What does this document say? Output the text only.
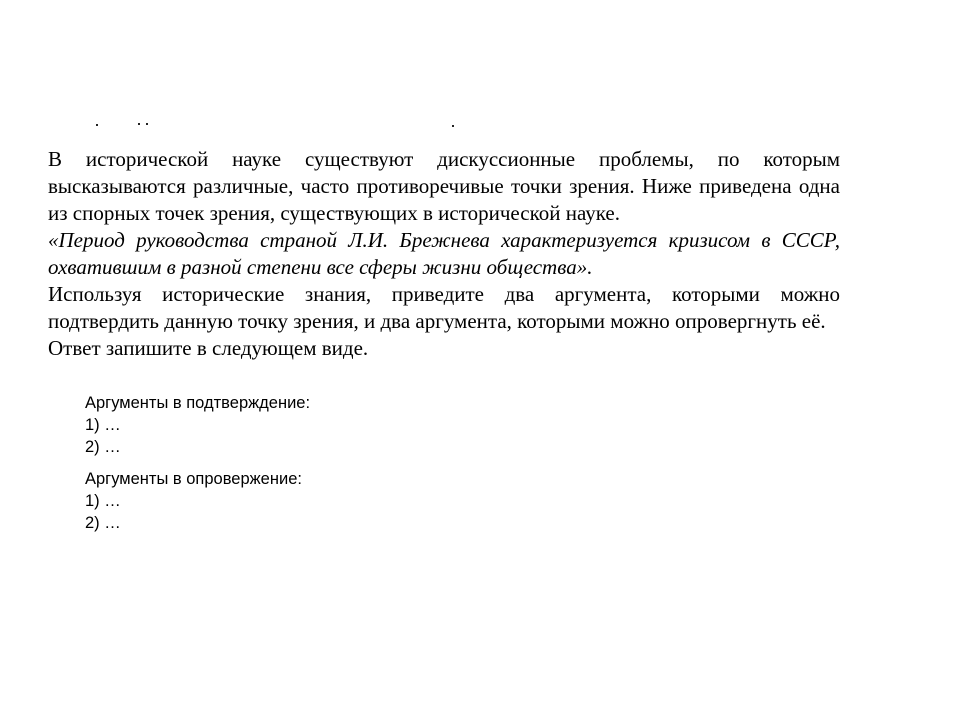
В исторической науке существуют дискуссионные проблемы, по которым высказываются различные, часто противоречивые точки зрения. Ниже приведена одна из спорных точек зрения, существующих в исторической науке.

«Период руководства страной Л.И. Брежнева характеризуется кризисом в СССР, охватившим в разной степени все сферы жизни общества».

Используя исторические знания, приведите два аргумента, которыми можно подтвердить данную точку зрения, и два аргумента, которыми можно опровергнуть её.

Ответ запишите в следующем виде.

Аргументы в подтверждение:
1) …
2) …
Аргументы в опровержение:
1) …
2) …
